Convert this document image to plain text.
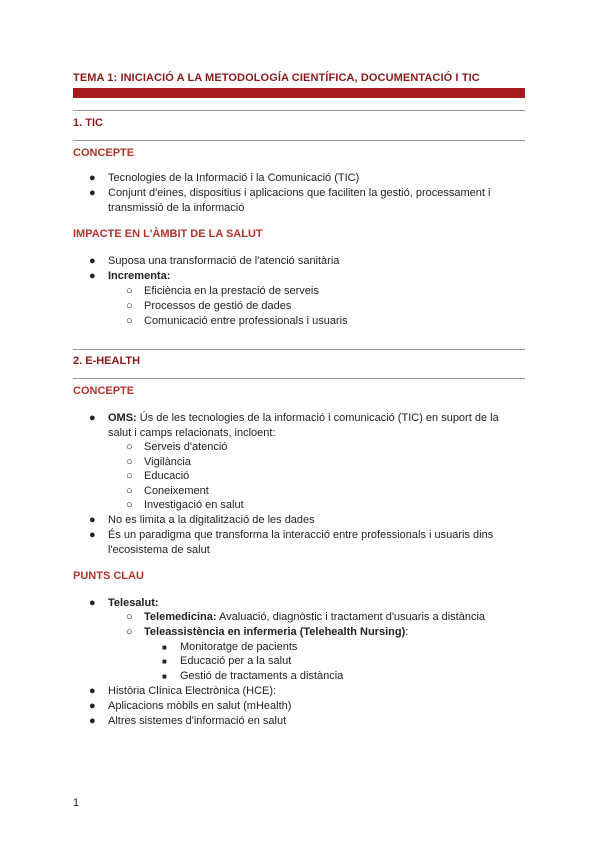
TEMA 1: INICIACIÓ A LA METODOLOGÍA CIENTÍFICA, DOCUMENTACIÓ I TIC
1. TIC
CONCEPTE
● Tecnologies de la Informació i la Comunicació (TIC)
● Conjunt d'eines, dispositius i aplicacions que faciliten la gestió, processament i transmissió de la informació
IMPACTE EN L'ÀMBIT DE LA SALUT
● Suposa una transformació de l'atenció sanitària
● Incrementa:
○ Eficiència en la prestació de serveis
○ Processos de gestió de dades
○ Comunicació entre professionals i usuaris
2. E-HEALTH
CONCEPTE
● OMS: Ús de les tecnologies de la informació i comunicació (TIC) en suport de la salut i camps relacionats, incloent:
○ Serveis d'atenció
○ Vigilància
○ Educació
○ Coneixement
○ Investigació en salut
● No es limita a la digitalització de les dades
● És un paradigma que transforma la interacció entre professionals i usuaris dins l'ecosistema de salut
PUNTS CLAU
● Telesalut:
○ Telemedicina: Avaluació, diagnòstic i tractament d'usuaris a distància
○ Teleassistència en infermeria (Telehealth Nursing):
■ Monitoratge de pacients
■ Educació per a la salut
■ Gestió de tractaments a distància
● Història Clínica Electrònica (HCE):
● Aplicacions mòbils en salut (mHealth)
● Altres sistemes d'informació en salut
1
